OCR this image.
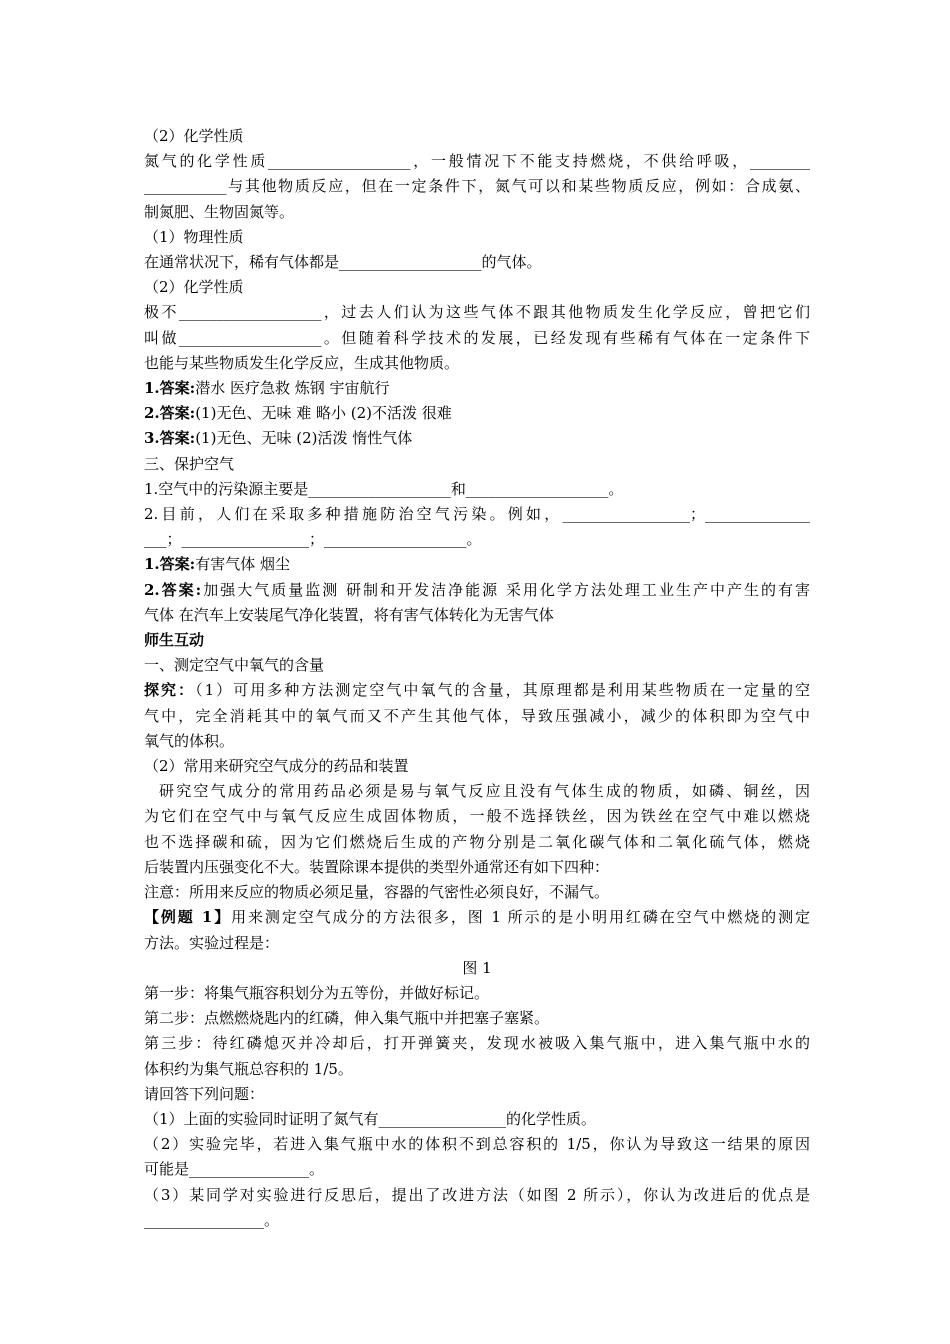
（2）化学性质
氮气的化学性质___________________，一般情况下不能支持燃烧，不供给呼吸，________
___________与其他物质反应，但在一定条件下，氮气可以和某些物质反应，例如：合成氨、
制氮肥、生物固氮等。
（1）物理性质
在通常状况下，稀有气体都是___________________的气体。
（2）化学性质
极不___________________，过去人们认为这些气体不跟其他物质发生化学反应，曾把它们
叫做___________________。但随着科学技术的发展，已经发现有些稀有气体在一定条件下
也能与某些物质发生化学反应，生成其他物质。
1.答案:潜水 医疗急救 炼钢 宇宙航行
2.答案:(1)无色、无味 难 略小 (2)不活泼 很难
3.答案:(1)无色、无味 (2)活泼 惰性气体
三、保护空气
1.空气中的污染源主要是___________________和___________________。
2.目前，人们在采取多种措施防治空气污染。例如，_________________；______________
___；_________________；___________________。
1.答案:有害气体 烟尘
2.答案:加强大气质量监测 研制和开发洁净能源 采用化学方法处理工业生产中产生的有害
气体 在汽车上安装尾气净化装置，将有害气体转化为无害气体
师生互动
一、测定空气中氧气的含量
探究：（1）可用多种方法测定空气中氧气的含量，其原理都是利用某些物质在一定量的空
气中，完全消耗其中的氧气而又不产生其他气体，导致压强减小，减少的体积即为空气中
氧气的体积。
（2）常用来研究空气成分的药品和装置
研究空气成分的常用药品必须是易与氧气反应且没有气体生成的物质，如磷、铜丝，因
为它们在空气中与氧气反应生成固体物质，一般不选择铁丝，因为铁丝在空气中难以燃烧
也不选择碳和硫，因为它们燃烧后生成的产物分别是二氧化碳气体和二氧化硫气体，燃烧
后装置内压强变化不大。装置除课本提供的类型外通常还有如下四种：
注意：所用来反应的物质必须足量，容器的气密性必须良好，不漏气。
【例题 1】用来测定空气成分的方法很多，图 1 所示的是小明用红磷在空气中燃烧的测定
方法。实验过程是：
图 1
第一步：将集气瓶容积划分为五等份，并做好标记。
第二步：点燃燃烧匙内的红磷，伸入集气瓶中并把塞子塞紧。
第三步：待红磷熄灭并冷却后，打开弹簧夹，发现水被吸入集气瓶中，进入集气瓶中水的
体积约为集气瓶总容积的 1/5。
请回答下列问题：
（1）上面的实验同时证明了氮气有_________________的化学性质。
（2）实验完毕，若进入集气瓶中水的体积不到总容积的 1/5，你认为导致这一结果的原因
可能是________________。
（3）某同学对实验进行反思后，提出了改进方法（如图 2 所示），你认为改进后的优点是
________________。
